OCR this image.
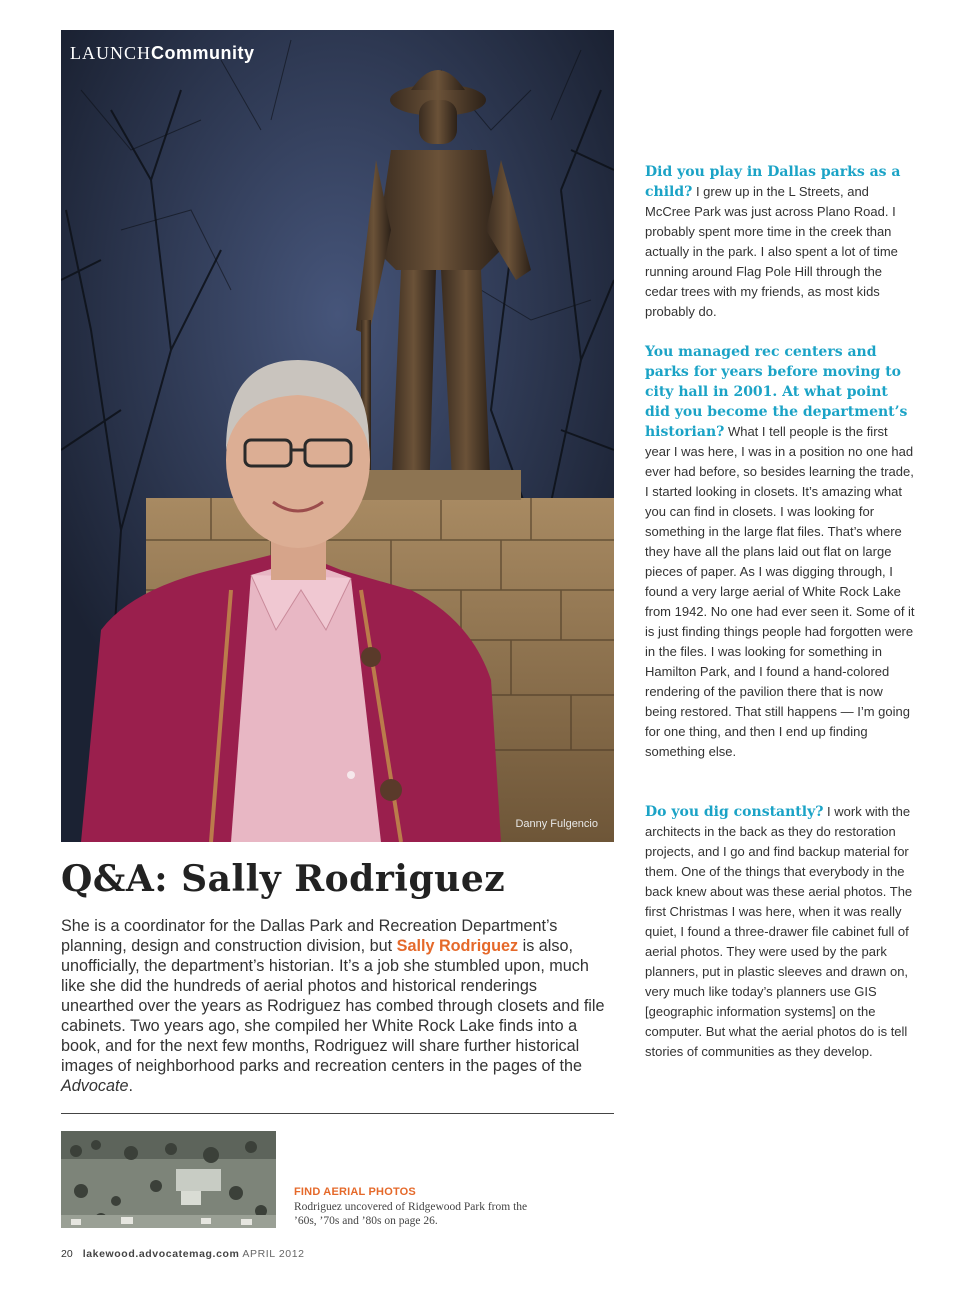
LAUNCHCommunity
Danny Fulgencio
Q&A: Sally Rodriguez

She is a coordinator for the Dallas Park and Recreation Department’s planning, design and construction division, but Sally Rodriguez is also, unofficially, the department’s historian. It’s a job she stumbled upon, much like she did the hundreds of aerial photos and historical renderings unearthed over the years as Rodriguez has combed through closets and file cabinets. Two years ago, she compiled her White Rock Lake finds into a book, and for the next few months, Rodriguez will share further historical images of neighborhood parks and recreation centers in the pages of the Advocate.

FIND AERIAL PHOTOS
Rodriguez uncovered of Ridgewood Park from the ’60s, ’70s and ’80s on page 26.
20 lakewood.advocatemag.com APRIL 2012

Did you play in Dallas parks as a child? I grew up in the L Streets, and McCree Park was just across Plano Road. I probably spent more time in the creek than actually in the park. I also spent a lot of time running around Flag Pole Hill through the cedar trees with my friends, as most kids probably do.

You managed rec centers and parks for years before moving to city hall in 2001. At what point did you become the department’s historian? What I tell people is the first year I was here, I was in a position no one had ever had before, so besides learning the trade, I started looking in closets. It’s amazing what you can find in closets. I was looking for something in the large flat files. That’s where they have all the plans laid out flat on large pieces of paper. As I was digging through, I found a very large aerial of White Rock Lake from 1942. No one had ever seen it. Some of it is just finding things people had forgotten were in the files. I was looking for something in Hamilton Park, and I found a hand-colored rendering of the pavilion there that is now being restored. That still happens — I’m going for one thing, and then I end up finding something else.

Do you dig constantly? I work with the architects in the back as they do restoration projects, and I go and find backup material for them. One of the things that everybody in the back knew about was these aerial photos. The first Christmas I was here, when it was really quiet, I found a three-drawer file cabinet full of aerial photos. They were used by the park planners, put in plastic sleeves and drawn on, very much like today’s planners use GIS [geographic information systems] on the computer. But what the aerial photos do is tell stories of communities as they develop.
